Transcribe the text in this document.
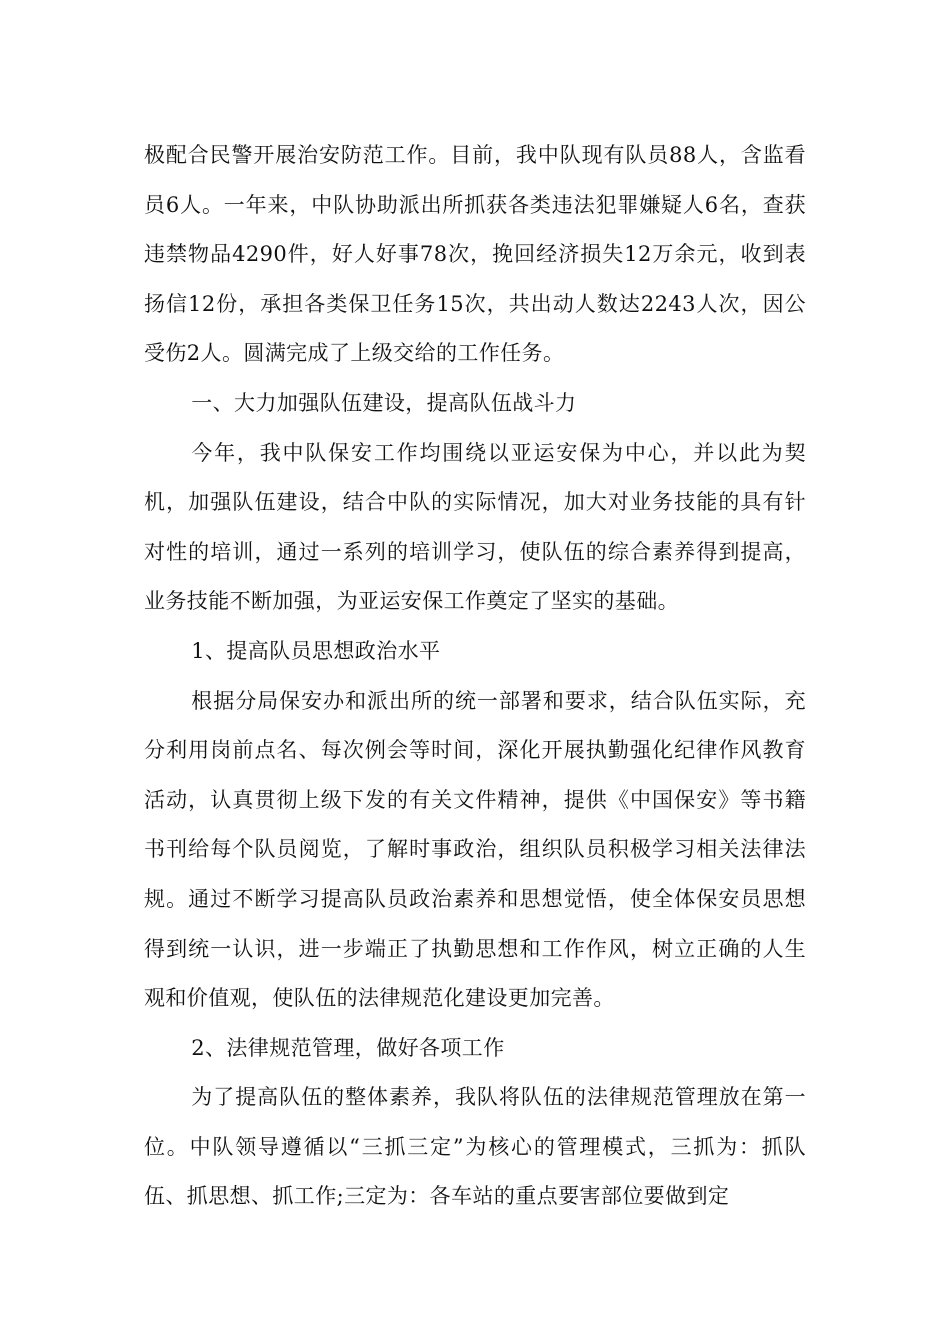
极配合民警开展治安防范工作。目前，我中队现有队员88人，含监看员6人。一年来，中队协助派出所抓获各类违法犯罪嫌疑人6名，查获违禁物品4290件，好人好事78次，挽回经济损失12万余元，收到表扬信12份，承担各类保卫任务15次，共出动人数达2243人次，因公受伤2人。圆满完成了上级交给的工作任务。

一、大力加强队伍建设，提高队伍战斗力

今年，我中队保安工作均围绕以亚运安保为中心，并以此为契机，加强队伍建设，结合中队的实际情况，加大对业务技能的具有针对性的培训，通过一系列的培训学习，使队伍的综合素养得到提高，业务技能不断加强，为亚运安保工作奠定了坚实的基础。

1、提高队员思想政治水平

根据分局保安办和派出所的统一部署和要求，结合队伍实际，充分利用岗前点名、每次例会等时间，深化开展执勤强化纪律作风教育活动，认真贯彻上级下发的有关文件精神，提供《中国保安》等书籍书刊给每个队员阅览，了解时事政治，组织队员积极学习相关法律法规。通过不断学习提高队员政治素养和思想觉悟，使全体保安员思想得到统一认识，进一步端正了执勤思想和工作作风，树立正确的人生观和价值观，使队伍的法律规范化建设更加完善。

2、法律规范管理，做好各项工作

为了提高队伍的整体素养，我队将队伍的法律规范管理放在第一位。中队领导遵循以“三抓三定”为核心的管理模式，三抓为：抓队伍、抓思想、抓工作;三定为：各车站的重点要害部位要做到定
